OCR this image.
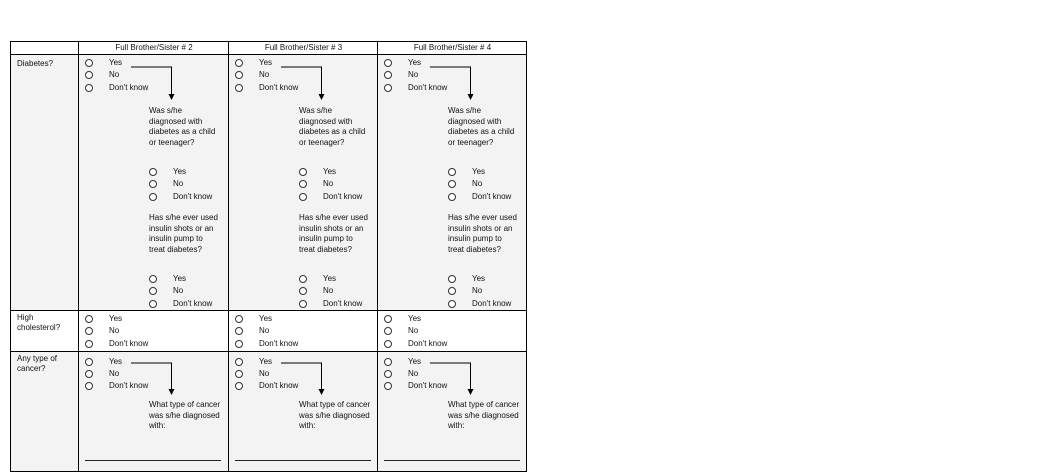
Full Brother/Sister # 2	Full Brother/Sister # 3	Full Brother/Sister # 4
Diabetes?
High cholesterol?
Any type of cancer?
Yes
No
Don't know
Was s/he diagnosed with diabetes as a child or teenager?
Yes
No
Don't know
Has s/he ever used insulin shots or an insulin pump to treat diabetes?
Yes
No
Don't know
Yes
No
Don't know
Yes
No
Don't know
What type of cancer was s/he diagnosed with:
Yes
No
Don't know
Was s/he diagnosed with diabetes as a child or teenager?
Yes
No
Don't know
Has s/he ever used insulin shots or an insulin pump to treat diabetes?
Yes
No
Don't know
Yes
No
Don't know
Yes
No
Don't know
What type of cancer was s/he diagnosed with:
Yes
No
Don't know
Was s/he diagnosed with diabetes as a child or teenager?
Yes
No
Don't know
Has s/he ever used insulin shots or an insulin pump to treat diabetes?
Yes
No
Don't know
Yes
No
Don't know
Yes
No
Don't know
What type of cancer was s/he diagnosed with:
